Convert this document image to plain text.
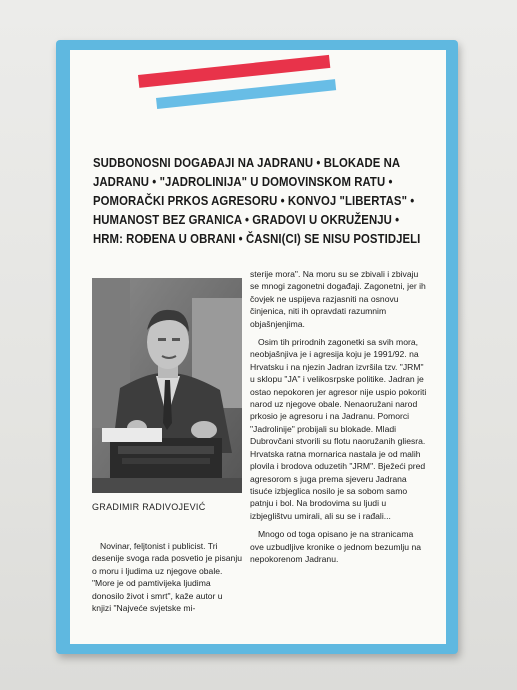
SUDBONOSNI DOGAĐAJI NA JADRANU • BLOKADE NA
JADRANU • "JADROLINIJA" U DOMOVINSKOM RATU •
POMORAČKI PRKOS AGRESORU • KONVOJ "LIBERTAS" •
HUMANOST BEZ GRANICA • GRADOVI U OKRUŽENJU •
HRM: ROĐENA U OBRANI • ČASNI(CI) SE NISU POSTIDJELI
GRADIMIR RADIVOJEVIĆ

Novinar, feljtonist i publicist. Tri desenije svoga rada posvetio je pisanju o moru i ljudima uz njegove obale. "More je od pamtivijeka ljudima donosilo život i smrt", kaže autor u knjizi "Najveće svjetske mi-

sterije mora". Na moru su se zbivali i zbivaju se mnogi zagonetni događaji. Zagonetni, jer ih čovjek ne uspijeva razjasniti na osnovu činjenica, niti ih opravdati razumnim objašnjenjima.

Osim tih prirodnih zagonetki sa svih mora, neobjašnjiva je i agresija koju je 1991/92. na Hrvatsku i na njezin Jadran izvršila tzv. "JRM" u sklopu "JA" i velikosrpske politike. Jadran je ostao nepokoren jer agresor nije uspio pokoriti narod uz njegove obale. Nenaoružani narod prkosio je agresoru i na Jadranu. Pomorci "Jadrolinije" probijali su blokade. Mladi Dubrovčani stvorili su flotu naoružanih gliesra. Hrvatska ratna mornarica nastala je od malih plovila i brodova oduzetih "JRM". Bježeći pred agresorom s juga prema sjeveru Jadrana tisuće izbjeglica nosilo je sa sobom samo patnju i bol. Na brodovima su ljudi u izbjeglištvu umirali, ali su se i rađali...

Mnogo od toga opisano je na stranicama ove uzbudljive kronike o jednom bezumlju na nepokorenom Jadranu.
